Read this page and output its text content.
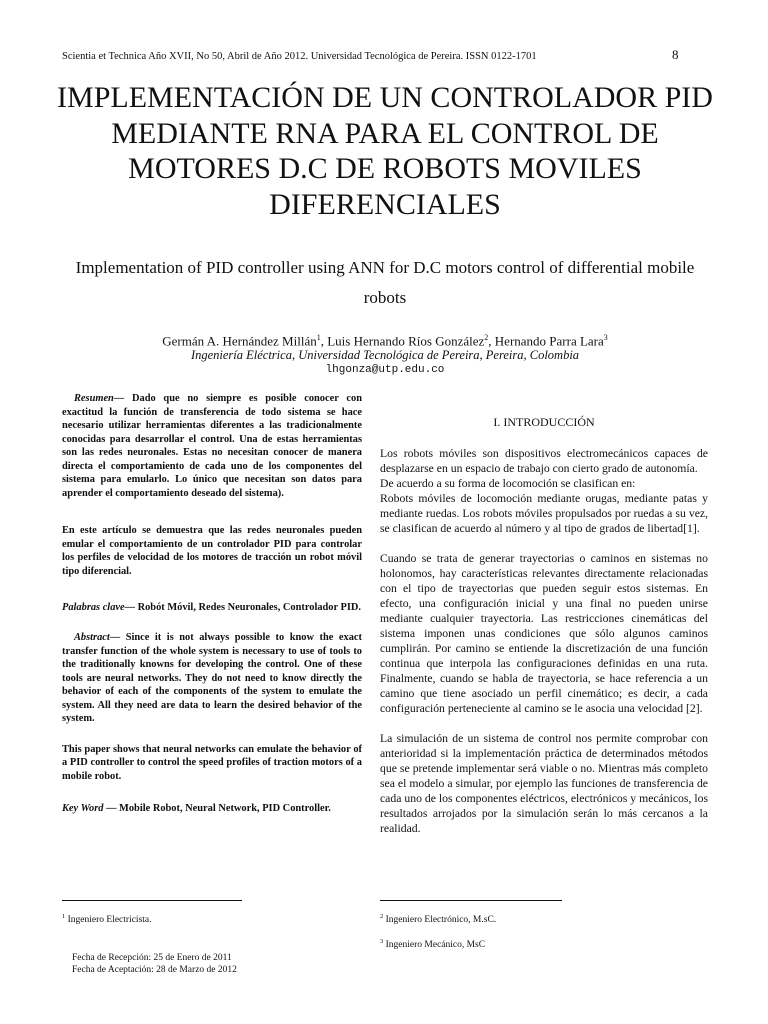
Scientia et Technica Año XVII, No 50, Abril de Año 2012. Universidad Tecnológica de Pereira. ISSN 0122-1701	8
IMPLEMENTACIÓN DE UN CONTROLADOR PID MEDIANTE RNA PARA EL CONTROL DE MOTORES D.C DE ROBOTS MOVILES DIFERENCIALES

Implementation of PID controller using ANN for D.C motors control of differential mobile robots

Germán A. Hernández Millán$^1$, Luis Hernando Ríos González$^2$, Hernando Parra Lara$^3$
Ingeniería Eléctrica, Universidad Tecnológica de Pereira, Pereira, Colombia
lhgonza@utp.edu.co

Resumen— Dado que no siempre es posible conocer con exactitud la función de transferencia de todo sistema se hace necesario utilizar herramientas diferentes a las tradicionalmente conocidas para desarrollar el control. Una de estas herramientas son las redes neuronales. Estas no necesitan conocer de manera directa el comportamiento de cada uno de los componentes del sistema para emularlo. Lo único que necesitan son datos para aprender el comportamiento deseado del sistema).

En este artículo se demuestra que las redes neuronales pueden emular el comportamiento de un controlador PID para controlar los perfiles de velocidad de los motores de tracción un robot móvil tipo diferencial.

Palabras clave— Robót Móvil, Redes Neuronales, Controlador PID.

Abstract— Since it is not always possible to know the exact transfer function of the whole system is necessary to use of tools to the traditionally knowns for developing the control. One of these tools are neural networks. They do not need to know directly the behavior of each of the components of the system to emulate the system. All they need are data to learn the desired behavior of the system.

This paper shows that neural networks can emulate the behavior of a PID controller to control the speed profiles of traction motors of a mobile robot.

Key Word — Mobile Robot, Neural Network, PID Controller.

I. INTRODUCCIÓN

Los robots móviles son dispositivos electromecánicos capaces de desplazarse en un espacio de trabajo con cierto grado de autonomía.

De acuerdo a su forma de locomoción se clasifican en:

Robots móviles de locomoción mediante orugas, mediante patas y mediante ruedas. Los robots móviles propulsados por ruedas a su vez, se clasifican de acuerdo al número y al tipo de grados de libertad[1].

Cuando se trata de generar trayectorias o caminos en sistemas no holonomos, hay características relevantes directamente relacionadas con el tipo de trayectorias que pueden seguir estos sistemas. En efecto, una configuración inicial y una final no pueden unirse mediante cualquier trayectoria. Las restricciones cinemáticas del sistema imponen unas condiciones que sólo algunos caminos cumplirán. Por camino se entiende la discretización de una función continua que interpola las configuraciones definidas en una ruta. Finalmente, cuando se habla de trayectoria, se hace referencia a un camino que tiene asociado un perfil cinemático; es decir, a cada configuración perteneciente al camino se le asocia una velocidad [2].

La simulación de un sistema de control nos permite comprobar con anterioridad si la implementación práctica de determinados métodos que se pretende implementar será viable o no. Mientras más completo sea el modelo a simular, por ejemplo las funciones de transferencia de cada uno de los componentes eléctricos, electrónicos y mecánicos, los resultados arrojados por la simulación serán lo más cercanos a la realidad.

$^1$ Ingeniero Electricista.	$^2$ Ingeniero Electrónico, M.sC.
$^3$ Ingeniero Mecánico, MsC
Fecha de Recepción: 25 de Enero de 2011
Fecha de Aceptación: 28 de Marzo de 2012
